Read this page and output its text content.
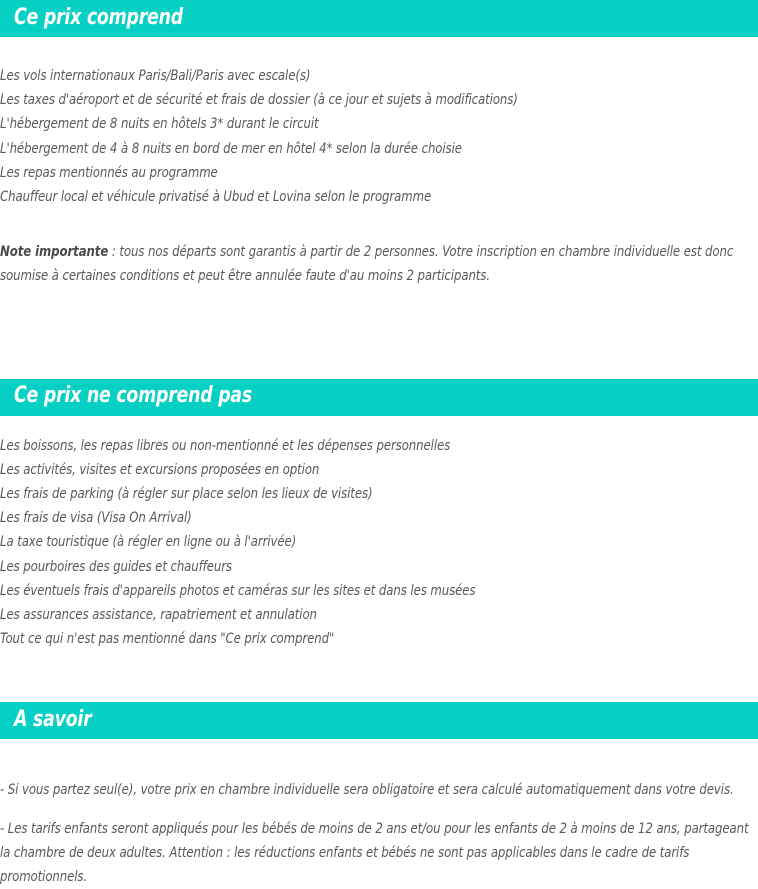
Ce prix comprend
Les vols internationaux Paris/Bali/Paris avec escale(s)
Les taxes d'aéroport et de sécurité et frais de dossier (à ce jour et sujets à modifications)
L'hébergement de 8 nuits en hôtels 3* durant le circuit
L'hébergement de 4 à 8 nuits en bord de mer en hôtel 4* selon la durée choisie
Les repas mentionnés au programme
Chauffeur local et véhicule privatisé à Ubud et Lovina selon le programme

Note importante : tous nos départs sont garantis à partir de 2 personnes. Votre inscription en chambre individuelle est donc soumise à certaines conditions et peut être annulée faute d'au moins 2 participants.

Ce prix ne comprend pas
Les boissons, les repas libres ou non-mentionné et les dépenses personnelles
Les activités, visites et excursions proposées en option
Les frais de parking (à régler sur place selon les lieux de visites)
Les frais de visa (Visa On Arrival)
La taxe touristique (à régler en ligne ou à l'arrivée)
Les pourboires des guides et chauffeurs
Les éventuels frais d'appareils photos et caméras sur les sites et dans les musées
Les assurances assistance, rapatriement et annulation
Tout ce qui n'est pas mentionné dans "Ce prix comprend"
A savoir

- Si vous partez seul(e), votre prix en chambre individuelle sera obligatoire et sera calculé automatiquement dans votre devis.

- Les tarifs enfants seront appliqués pour les bébés de moins de 2 ans et/ou pour les enfants de 2 à moins de 12 ans, partageant la chambre de deux adultes. Attention : les réductions enfants et bébés ne sont pas applicables dans le cadre de tarifs promotionnels.
